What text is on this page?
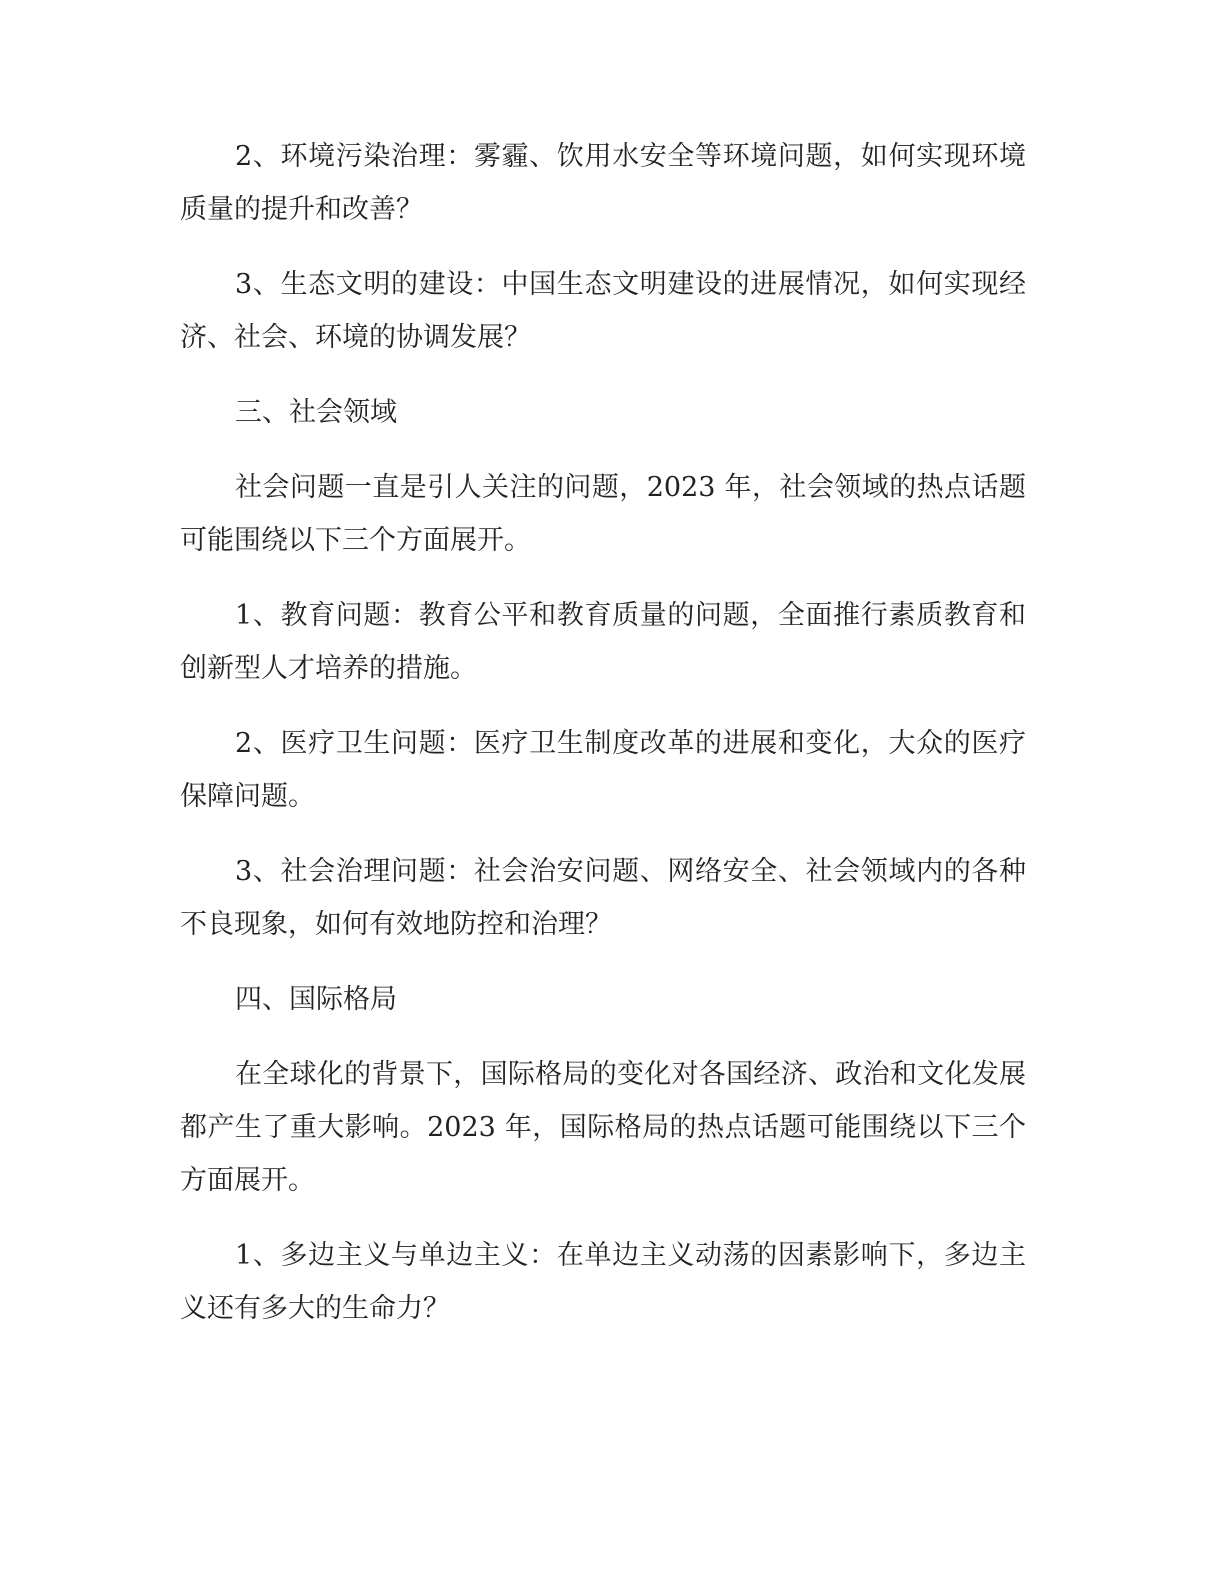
2、环境污染治理：雾霾、饮用水安全等环境问题，如何实现环境质量的提升和改善？

3、生态文明的建设：中国生态文明建设的进展情况，如何实现经济、社会、环境的协调发展？

三、社会领域

社会问题一直是引人关注的问题，2023 年，社会领域的热点话题可能围绕以下三个方面展开。

1、教育问题：教育公平和教育质量的问题，全面推行素质教育和创新型人才培养的措施。

2、医疗卫生问题：医疗卫生制度改革的进展和变化，大众的医疗保障问题。

3、社会治理问题：社会治安问题、网络安全、社会领域内的各种不良现象，如何有效地防控和治理？

四、国际格局

在全球化的背景下，国际格局的变化对各国经济、政治和文化发展都产生了重大影响。2023 年，国际格局的热点话题可能围绕以下三个方面展开。

1、多边主义与单边主义：在单边主义动荡的因素影响下，多边主义还有多大的生命力？
